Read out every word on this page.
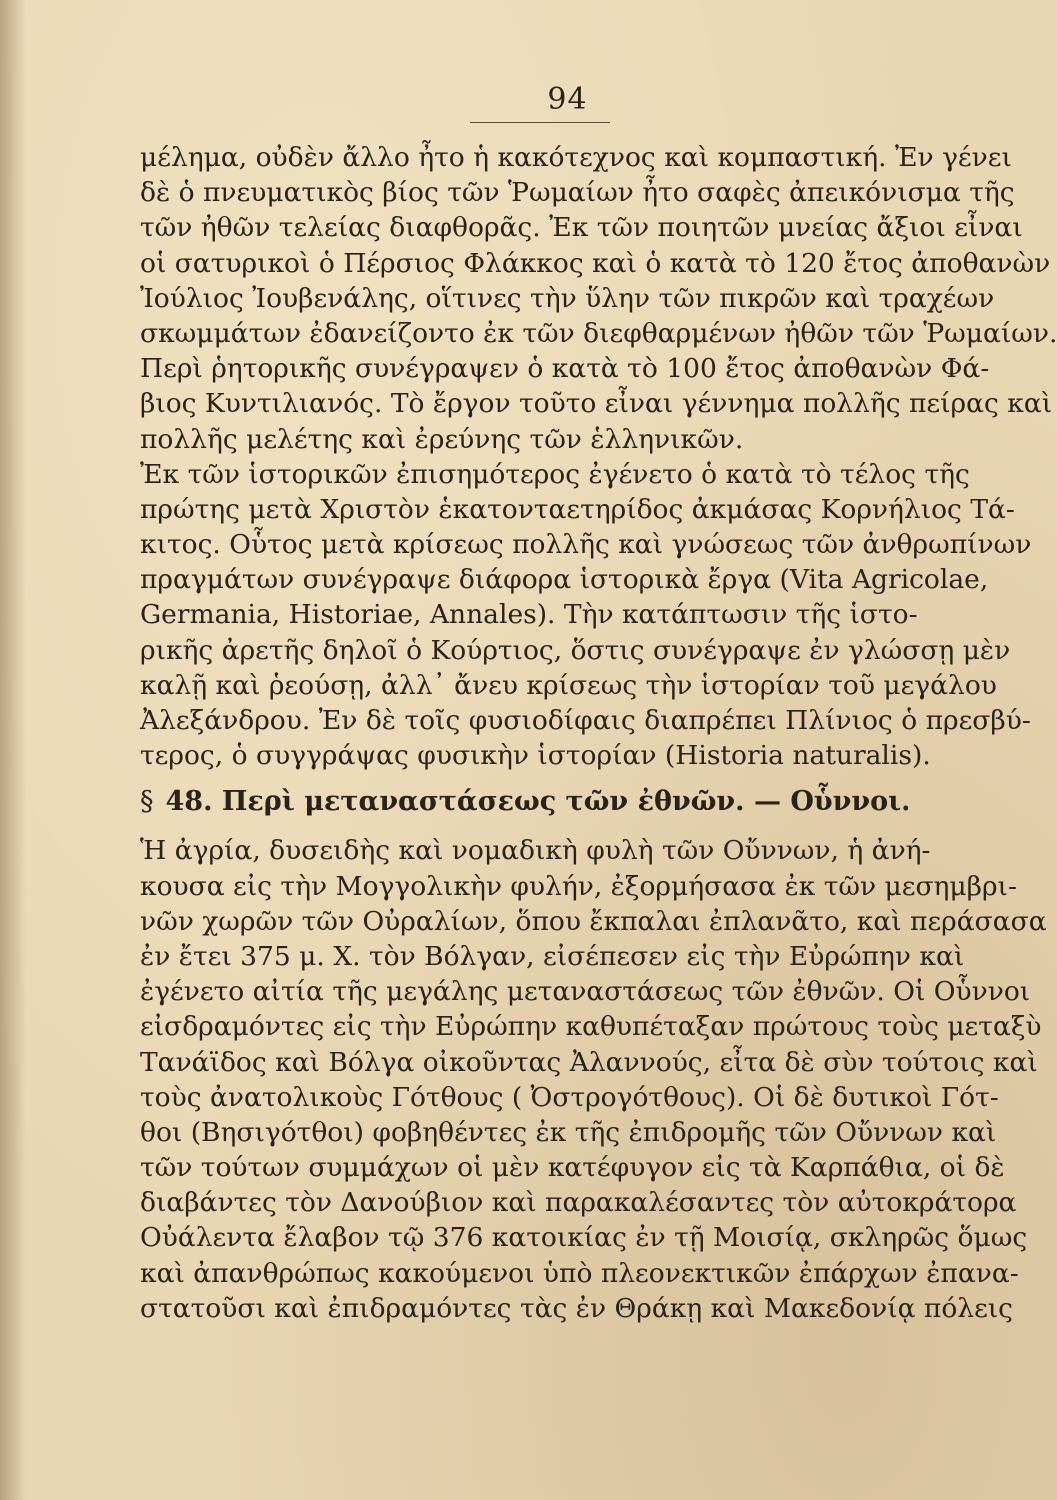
94
μέλημα, οὐδὲν ἄλλο ἦτο ἡ κακότεχνος καὶ κομπαστική. Ἐν γένει
δὲ ὁ πνευματικὸς βίος τῶν Ῥωμαίων ἦτο σαφὲς ἀπεικόνισμα τῆς
τῶν ἠθῶν τελείας διαφθορᾶς. Ἐκ τῶν ποιητῶν μνείας ἄξιοι εἶναι
οἱ σατυρικοὶ ὁ Πέρσιος Φλάκκος καὶ ὁ κατὰ τὸ 120 ἔτος ἀποθανὼν
Ἰούλιος Ἰουβενάλης, οἵτινες τὴν ὕλην τῶν πικρῶν καὶ τραχέων
σκωμμάτων ἐδανείζοντο ἐκ τῶν διεφθαρμένων ἠθῶν τῶν Ῥωμαίων.
Περὶ ῥητορικῆς συνέγραψεν ὁ κατὰ τὸ 100 ἔτος ἀποθανὼν Φά-
βιος Κυντιλιανός. Τὸ ἔργον τοῦτο εἶναι γέννημα πολλῆς πείρας καὶ
πολλῆς μελέτης καὶ ἐρεύνης τῶν ἑλληνικῶν.
Ἐκ τῶν ἱστορικῶν ἐπισημότερος ἐγένετο ὁ κατὰ τὸ τέλος τῆς
πρώτης μετὰ Χριστὸν ἑκατονταετηρίδος ἀκμάσας Κορνήλιος Τά-
κιτος. Οὗτος μετὰ κρίσεως πολλῆς καὶ γνώσεως τῶν ἀνθρωπίνων
πραγμάτων συνέγραψε διάφορα ἱστορικὰ ἔργα (Vita Agricolae,
Germania, Historiae, Annales). Τὴν κατάπτωσιν τῆς ἱστο-
ρικῆς ἀρετῆς δηλοῖ ὁ Κούρτιος, ὅστις συνέγραψε ἐν γλώσσῃ μὲν
καλῇ καὶ ῥεούσῃ, ἀλλ᾽ ἄνευ κρίσεως τὴν ἱστορίαν τοῦ μεγάλου
Ἀλεξάνδρου. Ἐν δὲ τοῖς φυσιοδίφαις διαπρέπει Πλίνιος ὁ πρεσβύ-
τερος, ὁ συγγράψας φυσικὴν ἱστορίαν (Historia naturalis).
§ 48. Περὶ μεταναστάσεως τῶν ἐθνῶν. — Οὗννοι.
Ἡ ἀγρία, δυσειδὴς καὶ νομαδικὴ φυλὴ τῶν Οὔννων, ἡ ἀνή-
κουσα εἰς τὴν Μογγολικὴν φυλήν, ἐξορμήσασα ἐκ τῶν μεσημβρι-
νῶν χωρῶν τῶν Οὐραλίων, ὅπου ἔκπαλαι ἐπλανᾶτο, καὶ περάσασα
ἐν ἔτει 375 μ. Χ. τὸν Βόλγαν, εἰσέπεσεν εἰς τὴν Εὐρώπην καὶ
ἐγένετο αἰτία τῆς μεγάλης μεταναστάσεως τῶν ἐθνῶν. Οἱ Οὗννοι
εἰσδραμόντες εἰς τὴν Εὐρώπην καθυπέταξαν πρώτους τοὺς μεταξὺ
Τανάϊδος καὶ Βόλγα οἰκοῦντας Ἀλαννούς, εἶτα δὲ σὺν τούτοις καὶ
τοὺς ἀνατολικοὺς Γότθους ( Ὀστρογότθους). Οἱ δὲ δυτικοὶ Γότ-
θοι (Βησιγότθοι) φοβηθέντες ἐκ τῆς ἐπιδρομῆς τῶν Οὔννων καὶ
τῶν τούτων συμμάχων οἱ μὲν κατέφυγον εἰς τὰ Καρπάθια, οἱ δὲ
διαβάντες τὸν Δανούβιον καὶ παρακαλέσαντες τὸν αὐτοκράτορα
Οὐάλεντα ἔλαβον τῷ 376 κατοικίας ἐν τῇ Μοισίᾳ, σκληρῶς ὅμως
καὶ ἀπανθρώπως κακούμενοι ὑπὸ πλεονεκτικῶν ἐπάρχων ἐπανα-
στατοῦσι καὶ ἐπιδραμόντες τὰς ἐν Θράκῃ καὶ Μακεδονίᾳ πόλεις
